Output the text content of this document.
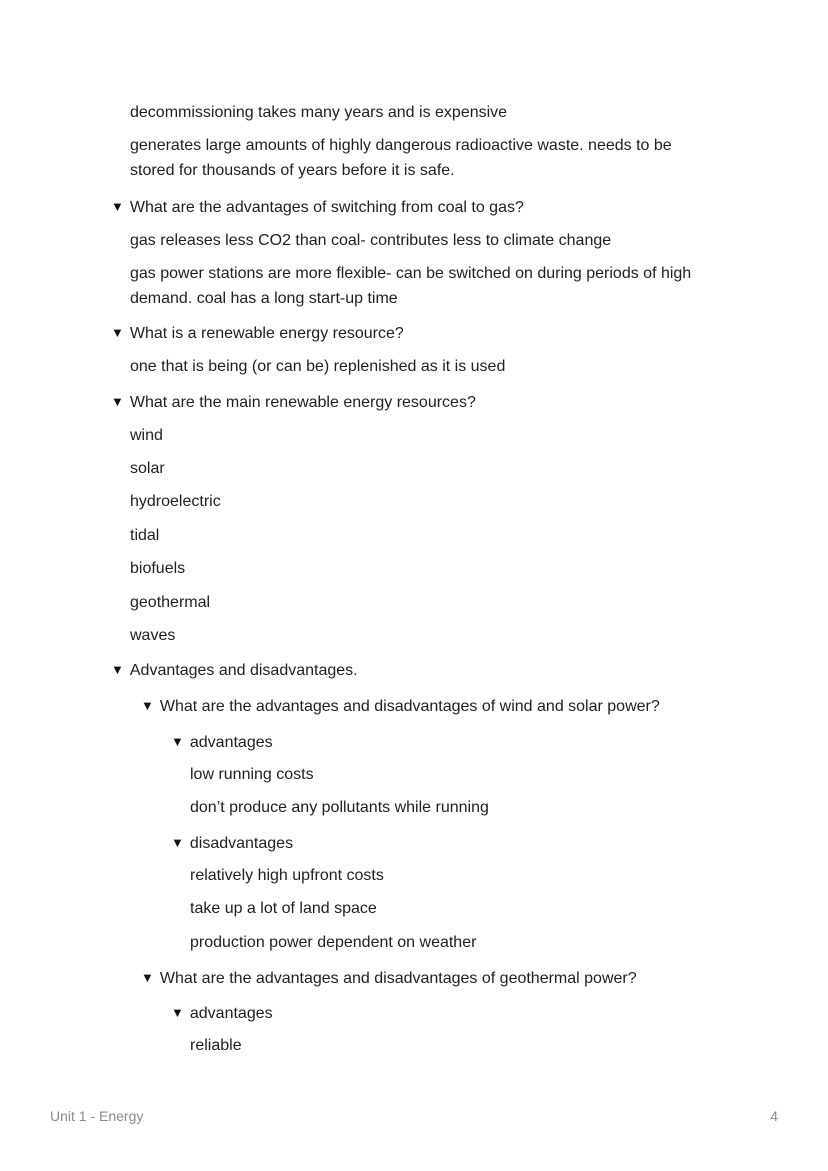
decommissioning takes many years and is expensive
generates large amounts of highly dangerous radioactive waste. needs to be
stored for thousands of years before it is safe.
▼ What are the advantages of switching from coal to gas?
gas releases less CO2 than coal- contributes less to climate change
gas power stations are more flexible- can be switched on during periods of high
demand. coal has a long start-up time
▼ What is a renewable energy resource?
one that is being (or can be) replenished as it is used
▼ What are the main renewable energy resources?
wind
solar
hydroelectric
tidal
biofuels
geothermal
waves
▼ Advantages and disadvantages.
▼ What are the advantages and disadvantages of wind and solar power?
▼ advantages
low running costs
don’t produce any pollutants while running
▼ disadvantages
relatively high upfront costs
take up a lot of land space
production power dependent on weather
▼ What are the advantages and disadvantages of geothermal power?
▼ advantages
reliable
Unit 1 - Energy	4
